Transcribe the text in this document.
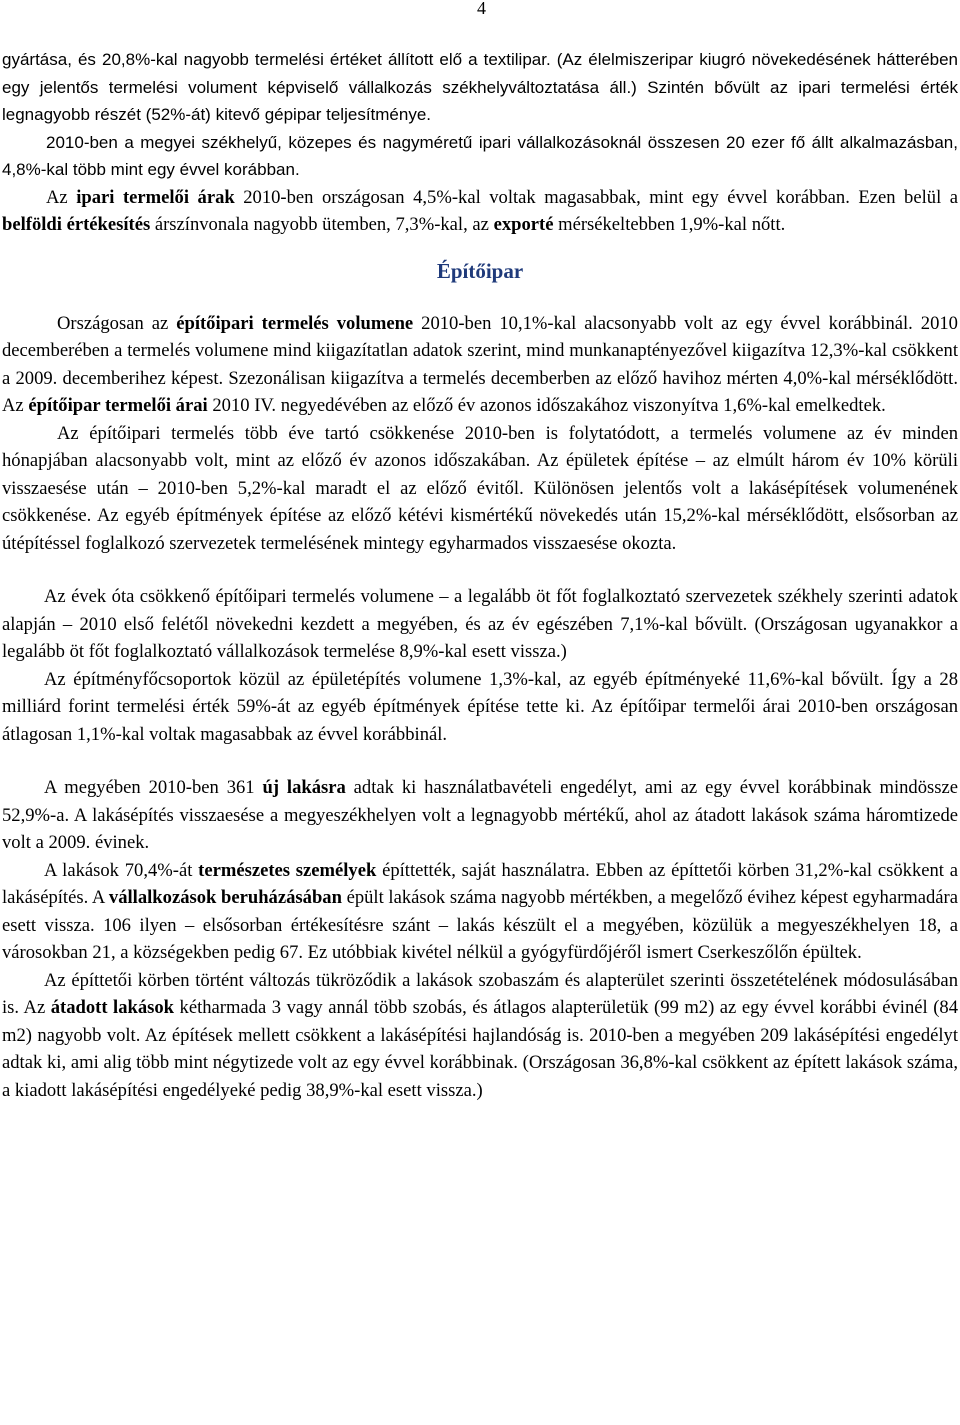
4

gyártása, és 20,8%-kal nagyobb termelési értéket állított elő a textilipar. (Az élelmiszeripar kiugró növekedésének hátterében egy jelentős termelési volument képviselő vállalkozás székhelyváltoztatása áll.) Szintén bővült az ipari termelési érték legnagyobb részét (52%-át) kitevő gépipar teljesítménye.

2010-ben a megyei székhelyű, közepes és nagyméretű ipari vállalkozásoknál összesen 20 ezer fő állt alkalmazásban, 4,8%-kal több mint egy évvel korábban.

Az ipari termelői árak 2010-ben országosan 4,5%-kal voltak magasabbak, mint egy évvel korábban. Ezen belül a belföldi értékesítés árszínvonala nagyobb ütemben, 7,3%-kal, az exporté mérsékeltebben 1,9%-kal nőtt.

Építőipar

Országosan az építőipari termelés volumene 2010-ben 10,1%-kal alacsonyabb volt az egy évvel korábbinál. 2010 decemberében a termelés volumene mind kiigazítatlan adatok szerint, mind munkanaptényezővel kiigazítva 12,3%-kal csökkent a 2009. decemberihez képest. Szezonálisan kiigazítva a termelés decemberben az előző havihoz mérten 4,0%-kal mérséklődött. Az építőipar termelői árai 2010 IV. negyedévében az előző év azonos időszakához viszonyítva 1,6%-kal emelkedtek.

Az építőipari termelés több éve tartó csökkenése 2010-ben is folytatódott, a termelés volumene az év minden hónapjában alacsonyabb volt, mint az előző év azonos időszakában. Az épületek építése – az elmúlt három év 10% körüli visszaesése után – 2010-ben 5,2%-kal maradt el az előző évitől. Különösen jelentős volt a lakásépítések volumenének csökkenése. Az egyéb építmények építése az előző kétévi kismértékű növekedés után 15,2%-kal mérséklődött, elsősorban az útépítéssel foglalkozó szervezetek termelésének mintegy egyharmados visszaesése okozta.

Az évek óta csökkenő építőipari termelés volumene – a legalább öt főt foglalkoztató szervezetek székhely szerinti adatok alapján – 2010 első felétől növekedni kezdett a megyében, és az év egészében 7,1%-kal bővült. (Országosan ugyanakkor a legalább öt főt foglalkoztató vállalkozások termelése 8,9%-kal esett vissza.)

Az építményfőcsoportok közül az épületépítés volumene 1,3%-kal, az egyéb építményeké 11,6%-kal bővült. Így a 28 milliárd forint termelési érték 59%-át az egyéb építmények építése tette ki. Az építőipar termelői árai 2010-ben országosan átlagosan 1,1%-kal voltak magasabbak az évvel korábbinál.

A megyében 2010-ben 361 új lakásra adtak ki használatbavételi engedélyt, ami az egy évvel korábbinak mindössze 52,9%-a. A lakásépítés visszaesése a megyeszékhelyen volt a legnagyobb mértékű, ahol az átadott lakások száma háromtizede volt a 2009. évinek.

A lakások 70,4%-át természetes személyek építtették, saját használatra. Ebben az építtetői körben 31,2%-kal csökkent a lakásépítés. A vállalkozások beruházásában épült lakások száma nagyobb mértékben, a megelőző évihez képest egyharmadára esett vissza. 106 ilyen – elsősorban értékesítésre szánt – lakás készült el a megyében, közülük a megyeszékhelyen 18, a városokban 21, a községekben pedig 67. Ez utóbbiak kivétel nélkül a gyógyfürdőjéről ismert Cserkeszőlőn épültek.

Az építtetői körben történt változás tükröződik a lakások szobaszám és alapterület szerinti összetételének módosulásában is. Az átadott lakások kétharmada 3 vagy annál több szobás, és átlagos alapterületük (99 m2) az egy évvel korábbi évinél (84 m2) nagyobb volt. Az építések mellett csökkent a lakásépítési hajlandóság is. 2010-ben a megyében 209 lakásépítési engedélyt adtak ki, ami alig több mint négytizede volt az egy évvel korábbinak. (Országosan 36,8%-kal csökkent az épített lakások száma, a kiadott lakásépítési engedélyeké pedig 38,9%-kal esett vissza.)
